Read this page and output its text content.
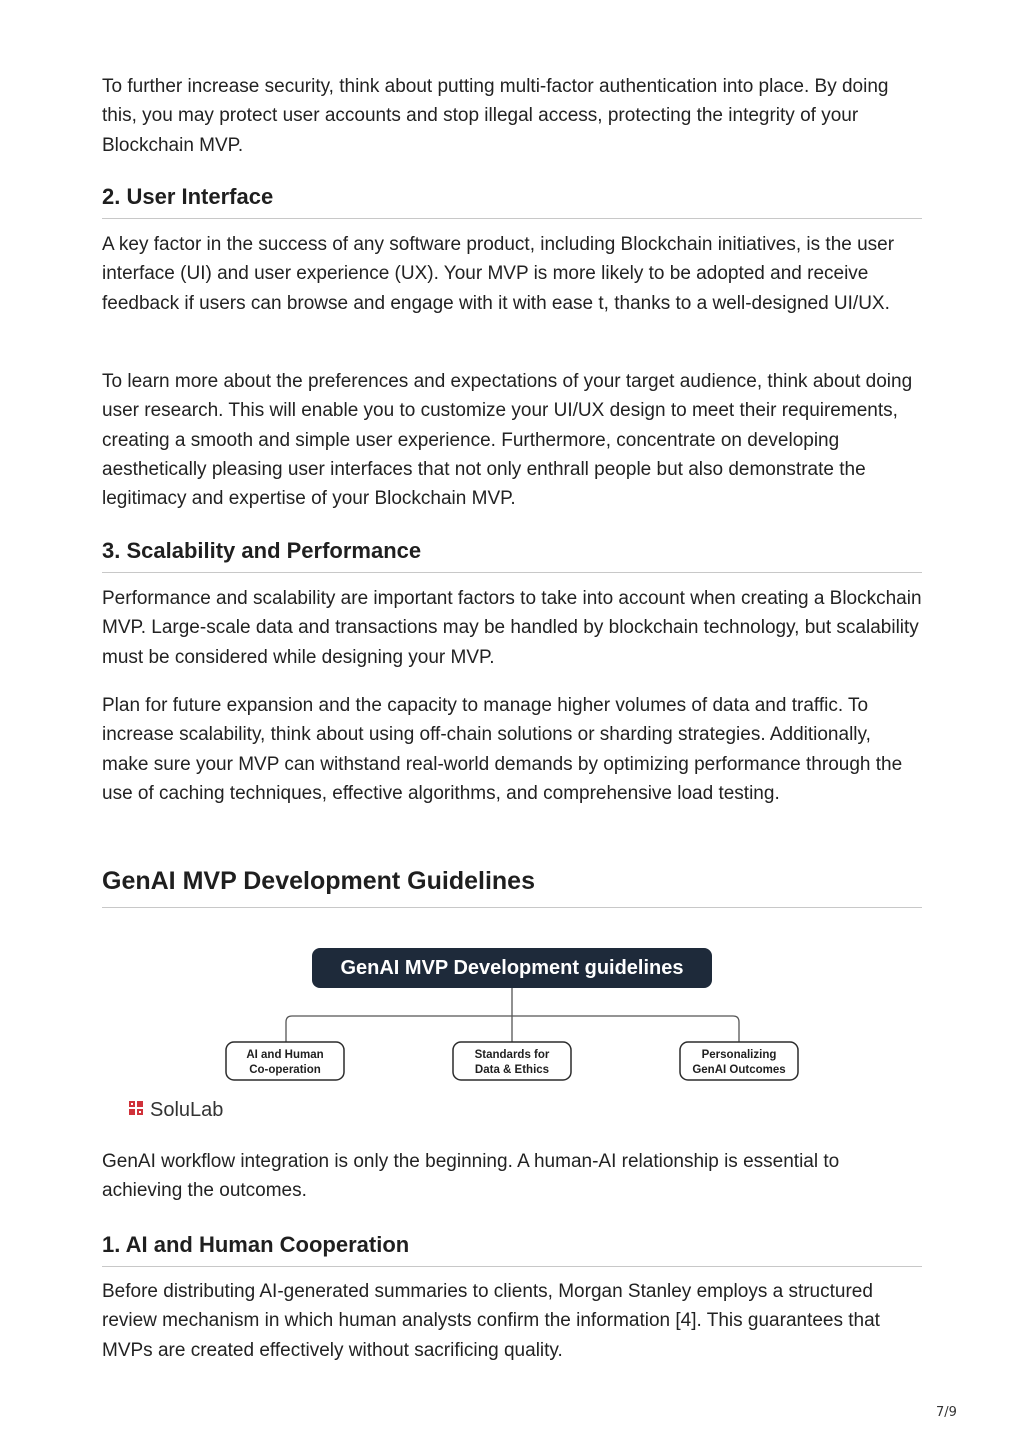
To further increase security, think about putting multi-factor authentication into place. By doing this, you may protect user accounts and stop illegal access, protecting the integrity of your Blockchain MVP.

2. User Interface

A key factor in the success of any software product, including Blockchain initiatives, is the user interface (UI) and user experience (UX). Your MVP is more likely to be adopted and receive feedback if users can browse and engage with it with ease t, thanks to a well-designed UI/UX.

To learn more about the preferences and expectations of your target audience, think about doing user research. This will enable you to customize your UI/UX design to meet their requirements, creating a smooth and simple user experience. Furthermore, concentrate on developing aesthetically pleasing user interfaces that not only enthrall people but also demonstrate the legitimacy and expertise of your Blockchain MVP.

3. Scalability and Performance

Performance and scalability are important factors to take into account when creating a Blockchain MVP. Large-scale data and transactions may be handled by blockchain technology, but scalability must be considered while designing your MVP.

Plan for future expansion and the capacity to manage higher volumes of data and traffic. To increase scalability, think about using off-chain solutions or sharding strategies. Additionally, make sure your MVP can withstand real-world demands by optimizing performance through the use of caching techniques, effective algorithms, and comprehensive load testing.

GenAI MVP Development Guidelines
GenAI MVP Development guidelines
AI and Human
Co-operation
Standards for
Data & Ethics
Personalizing
GenAI Outcomes
SoluLab

GenAI workflow integration is only the beginning. A human-AI relationship is essential to achieving the outcomes.

1. AI and Human Cooperation

Before distributing AI-generated summaries to clients, Morgan Stanley employs a structured review mechanism in which human analysts confirm the information [4]. This guarantees that MVPs are created effectively without sacrificing quality.

7/9
